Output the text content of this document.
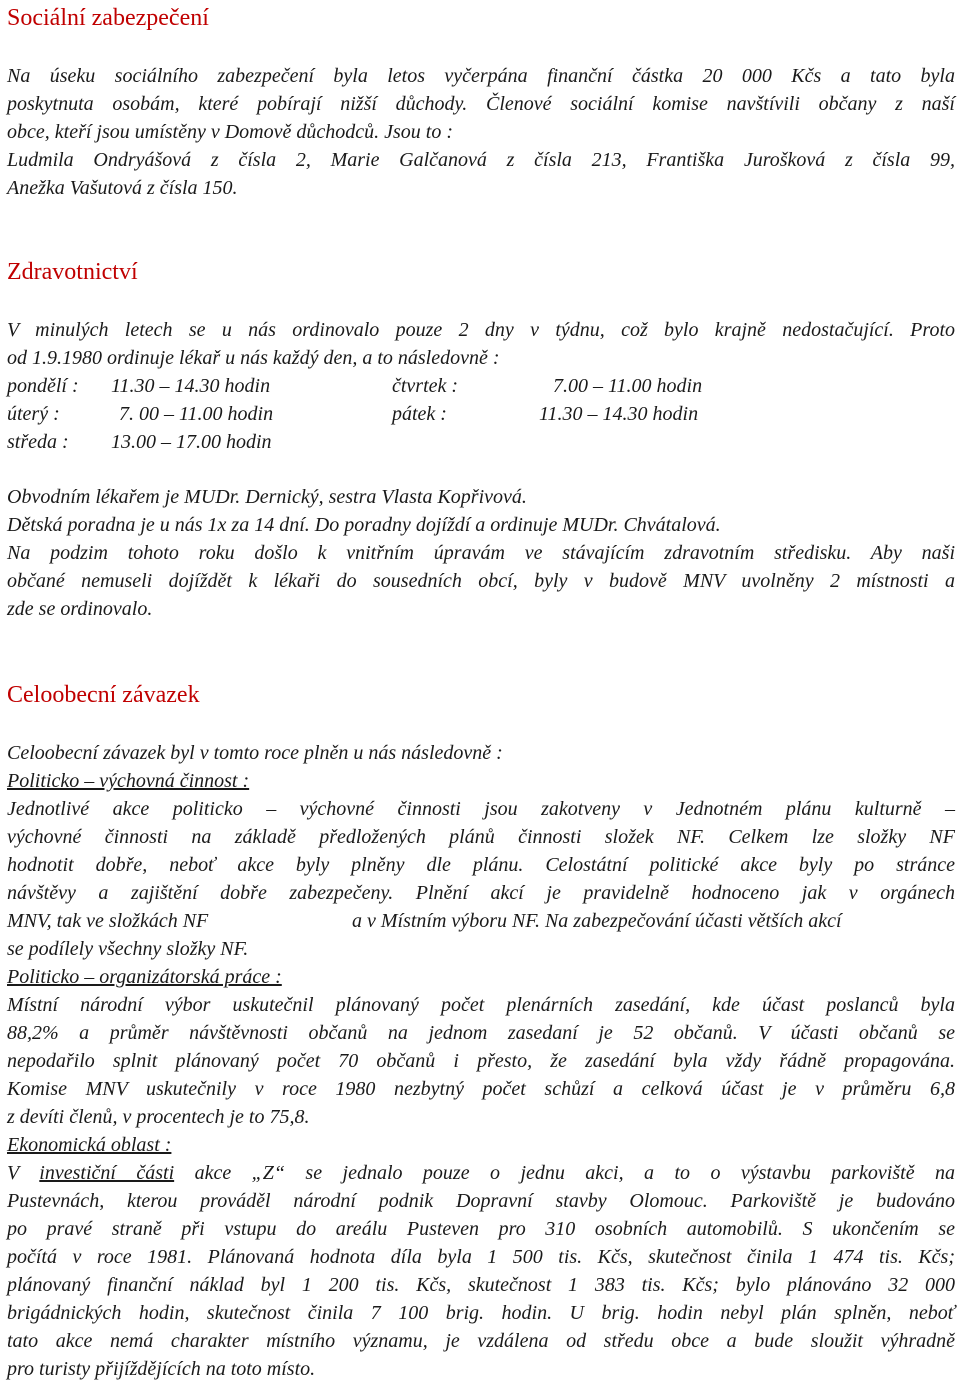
Sociální zabezpečení
Na úseku sociálního zabezpečení byla letos vyčerpána finanční částka 20 000 Kčs a tato byla
poskytnuta osobám, které pobírají nižší důchody. Členové sociální komise navštívili občany z naší
obce, kteří jsou umístěny v Domově důchodců. Jsou to :
Ludmila Ondryášová z čísla 2, Marie Galčanová z čísla 213, Františka Jurošková z čísla 99,
Anežka Vašutová z čísla 150.
Zdravotnictví
V minulých letech se u nás ordinovalo pouze 2 dny v týdnu, což bylo krajně nedostačující. Proto
od 1.9.1980 ordinuje lékař u nás každý den, a to následovně :
pondělí : 11.30 – 14.30 hodin	čtvrtek :	7.00 – 11.00 hodin
úterý :	7. 00 – 11.00 hodin	pátek :	11.30 – 14.30 hodin
středa : 13.00 – 17.00 hodin
Obvodním lékařem je MUDr. Dernický, sestra Vlasta Kopřivová.
Dětská poradna je u nás 1x za 14 dní. Do poradny dojíždí a ordinuje MUDr. Chvátalová.
Na podzim tohoto roku došlo k vnitřním úpravám ve stávajícím zdravotním středisku. Aby naši
občané nemuseli dojíždět k lékaři do sousedních obcí, byly v budově MNV uvolněny 2 místnosti a
zde se ordinovalo.
Celoobecní závazek
Celoobecní závazek byl v tomto roce plněn u nás následovně :
Politicko – výchovná činnost :
Jednotlivé akce politicko – výchovné činnosti jsou zakotveny v Jednotném plánu kulturně –
výchovné činnosti na základě předložených plánů činnosti složek NF. Celkem lze složky NF
hodnotit dobře, neboť akce byly plněny dle plánu. Celostátní politické akce byly po stránce
návštěvy a zajištění dobře zabezpečeny. Plnění akcí je pravidelně hodnoceno jak v orgánech
MNV, tak ve složkách NF	a v Místním výboru NF. Na zabezpečování účasti větších akcí
se podílely všechny složky NF.
Politicko – organizátorská práce :
Místní národní výbor uskutečnil plánovaný počet plenárních zasedání, kde účast poslanců byla
88,2% a průměr návštěvnosti občanů na jednom zasedaní je 52 občanů. V účasti občanů se
nepodařilo splnit plánovaný počet 70 občanů i přesto, že zasedání byla vždy řádně propagována.
Komise MNV uskutečnily v roce 1980 nezbytný počet schůzí a celková účast je v průměru 6,8
z devíti členů, v procentech je to 75,8.
Ekonomická oblast :
V investiční části akce „Z“ se jednalo pouze o jednu akci, a to o výstavbu parkoviště na
Pustevnách, kterou prováděl národní podnik Dopravní stavby Olomouc. Parkoviště je budováno
po pravé straně při vstupu do areálu Pusteven pro 310 osobních automobilů. S ukončením se
počítá v roce 1981. Plánovaná hodnota díla byla 1 500 tis. Kčs, skutečnost činila 1 474 tis. Kčs;
plánovaný finanční náklad byl 1 200 tis. Kčs, skutečnost 1 383 tis. Kčs; bylo plánováno 32 000
brigádnických hodin, skutečnost činila 7 100 brig. hodin. U brig. hodin nebyl plán splněn, neboť
tato akce nemá charakter místního významu, je vzdálena od středu obce a bude sloužit výhradně
pro turisty přijíždějících na toto místo.
